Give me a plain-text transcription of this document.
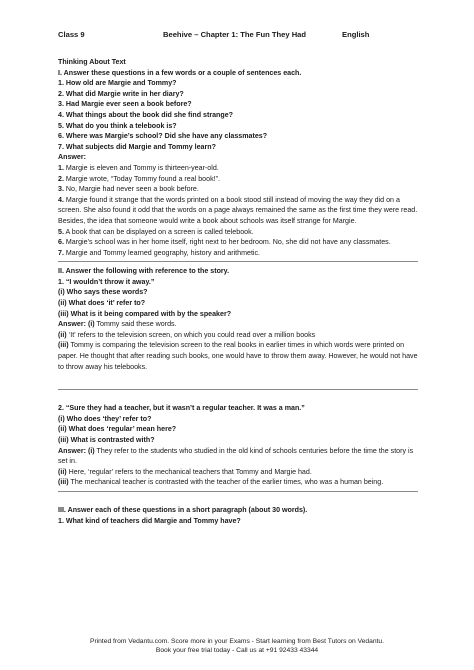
Class 9	Beehive – Chapter 1: The Fun They Had	English

Thinking About Text

I. Answer these questions in a few words or a couple of sentences each.

1. How old are Margie and Tommy?

2. What did Margie write in her diary?

3. Had Margie ever seen a book before?

4. What things about the book did she find strange?

5. What do you think a telebook is?

6. Where was Margie’s school? Did she have any classmates?

7. What subjects did Margie and Tommy learn?

Answer:

1. Margie is eleven and Tommy is thirteen-year-old.

2. Margie wrote, “Today Tommy found a real book!”.

3. No, Margie had never seen a book before.

4. Margie found it strange that the words printed on a book stood still instead of moving the way they did on a screen. She also found it odd that the words on a page always remained the same as the first time they were read. Besides, the idea that someone would write a book about schools was itself strange for Margie.

5. A book that can be displayed on a screen is called telebook.

6. Margie’s school was in her home itself, right next to her bedroom. No, she did not have any classmates.

7. Margie and Tommy learned geography, history and arithmetic.

II. Answer the following with reference to the story.

1. “I wouldn’t throw it away.”

(i) Who says these words?

(ii) What does ‘it’ refer to?

(iii) What is it being compared with by the speaker?

Answer: (i) Tommy said these words.

(ii) ‘It’ refers to the television screen, on which you could read over a million books

(iii) Tommy is comparing the television screen to the real books in earlier times in which words were printed on paper. He thought that after reading such books, one would have to throw them away. However, he would not have to throw away his telebooks.

2. “Sure they had a teacher, but it wasn’t a regular teacher. It was a man.”

(i) Who does ‘they’ refer to?

(ii) What does ‘regular’ mean here?

(iii) What is contrasted with?

Answer: (i) They refer to the students who studied in the old kind of schools centuries before the time the story is set in.

(ii) Here, ‘regular’ refers to the mechanical teachers that Tommy and Margie had.

(iii) The mechanical teacher is contrasted with the teacher of the earlier times, who was a human being.

III. Answer each of these questions in a short paragraph (about 30 words).

1. What kind of teachers did Margie and Tommy have?

Printed from Vedantu.com. Score more in your Exams - Start learning from Best Tutors on Vedantu.
Book your free trial today - Call us at +91 92433 43344
